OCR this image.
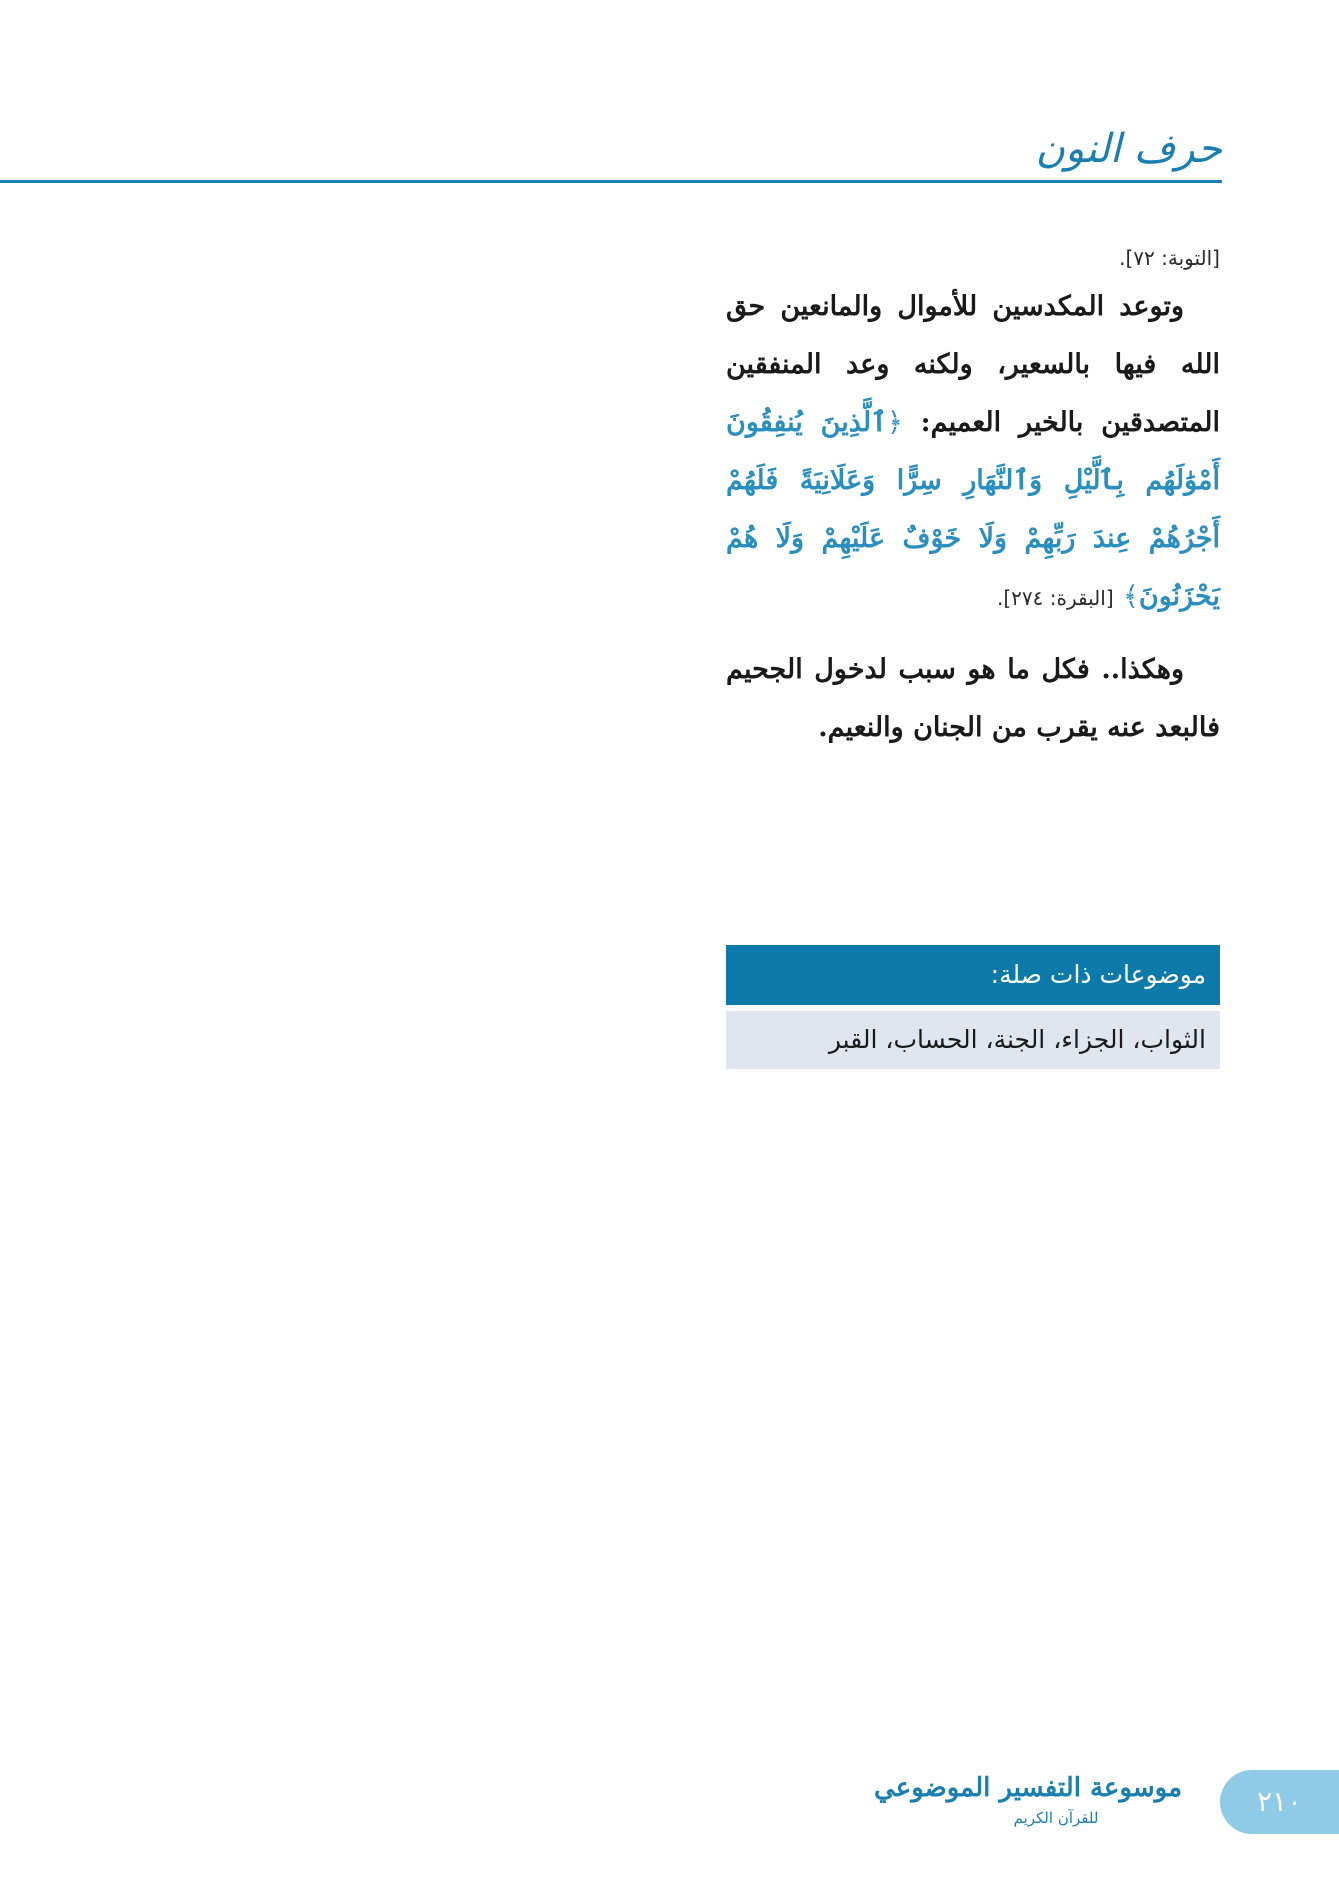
حرف النون

[التوبة: ٧٢].

وتوعد المكدسين للأموال والمانعين حق الله فيها بالسعير، ولكنه وعد المنفقين المتصدقين بالخير العميم: ﴿ٱلَّذِينَ يُنفِقُونَ أَمْوَٰلَهُم بِٱلَّيْلِ وَٱلنَّهَارِ سِرًّا وَعَلَانِيَةً فَلَهُمْ أَجْرُهُمْ عِندَ رَبِّهِمْ وَلَا خَوْفٌ عَلَيْهِمْ وَلَا هُمْ يَحْزَنُونَ﴾ [البقرة: ٢٧٤].

وهكذا.. فكل ما هو سبب لدخول الجحيم فالبعد عنه يقرب من الجنان والنعيم.

موضوعات ذات صلة:
الثواب، الجزاء، الجنة، الحساب، القبر
موسوعة التفسير الموضوعي
للقرآن الكريم	٢١٠
